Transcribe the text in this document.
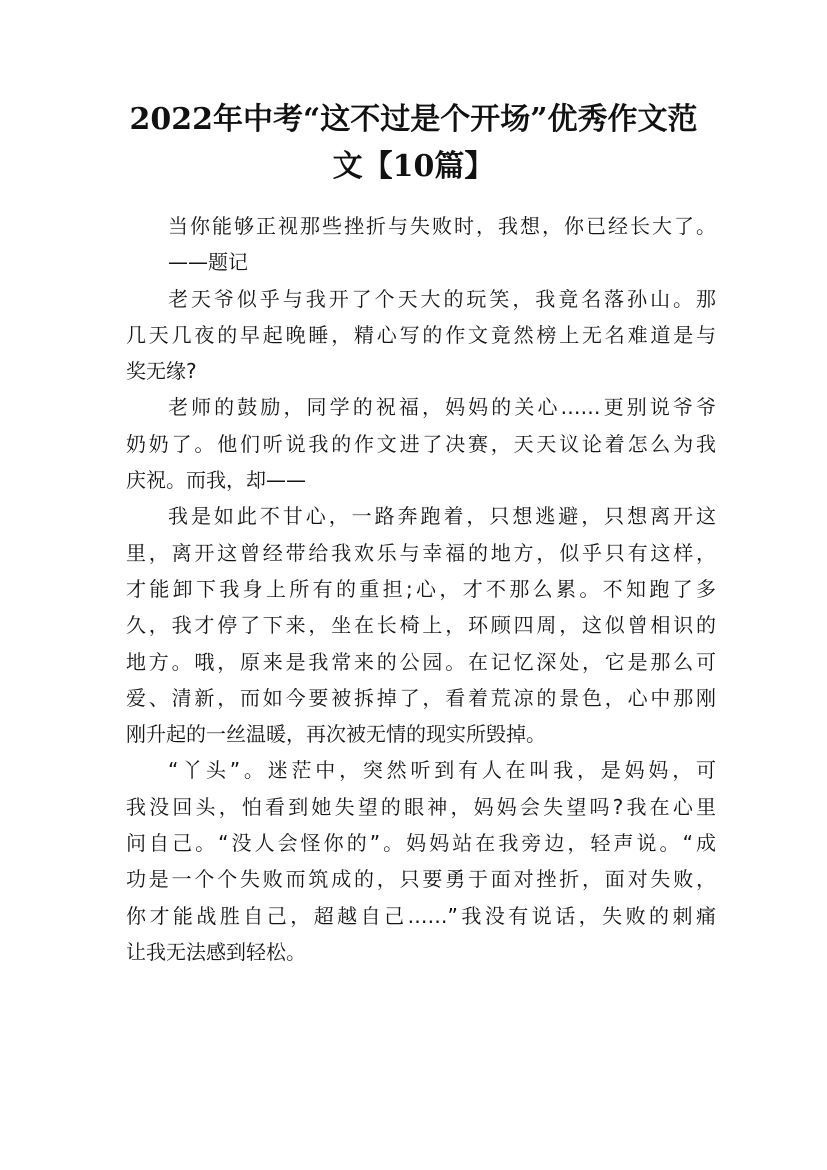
2022年中考“这不过是个开场”优秀作文范
文【10篇】
当你能够正视那些挫折与失败时，我想，你已经长大了。
——题记
老天爷似乎与我开了个天大的玩笑，我竟名落孙山。那
几天几夜的早起晚睡，精心写的作文竟然榜上无名难道是与
奖无缘?
老师的鼓励，同学的祝福，妈妈的关心……更别说爷爷
奶奶了。他们听说我的作文进了决赛，天天议论着怎么为我
庆祝。而我，却——
我是如此不甘心，一路奔跑着，只想逃避，只想离开这
里，离开这曾经带给我欢乐与幸福的地方，似乎只有这样，
才能卸下我身上所有的重担;心，才不那么累。不知跑了多
久，我才停了下来，坐在长椅上，环顾四周，这似曾相识的
地方。哦，原来是我常来的公园。在记忆深处，它是那么可
爱、清新，而如今要被拆掉了，看着荒凉的景色，心中那刚
刚升起的一丝温暖，再次被无情的现实所毁掉。
“丫头”。迷茫中，突然听到有人在叫我，是妈妈，可
我没回头，怕看到她失望的眼神，妈妈会失望吗?我在心里
问自己。“没人会怪你的”。妈妈站在我旁边，轻声说。“成
功是一个个失败而筑成的，只要勇于面对挫折，面对失败，
你才能战胜自己，超越自己……”我没有说话，失败的刺痛
让我无法感到轻松。
